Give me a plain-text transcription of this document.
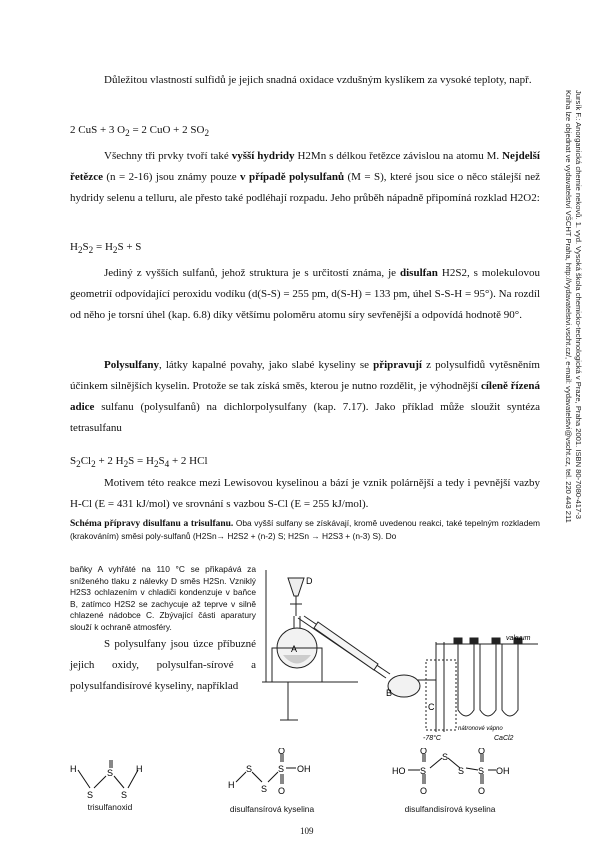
Jursík F.: Anorganická chemie nekovů. 1. vyd. Vysoká škola chemicko-technologická v Praze, Praha 2001. ISBN 80-7080-417-3
Kniha lze objednat ve vydavatelství VŠCHT Praha, http://vydavatelstvi.vscht.cz/, e-mail: vydavatelstvi@vscht.cz, tel. 220 443 211

Důležitou vlastností sulfidů je jejich snadná oxidace vzdušným kyslíkem za vysoké teploty, např.

2 CuS + 3 $O_2 = 2$ CuO + 2 $SO_2$

Všechny tři prvky tvoří také vyšší hydridy H2Mn s délkou řetězce závislou na atomu M. Nejdelší řetězce (n = 2-16) jsou známy pouze v případě polysulfanů (M = S), které jsou sice o něco stálejší než hydridy selenu a telluru, ale přesto také podléhají rozpadu. Jeho průběh nápadně připomíná rozklad H2O2:

$H_2S_2 = H_2S + S$

Jediný z vyšších sulfanů, jehož struktura je s určitostí známa, je disulfan H2S2, s molekulovou geometrií odpovídající peroxidu vodíku (d(S-S) = 255 pm, d(S-H) = 133 pm, úhel S-S-H = 95°). Na rozdíl od něho je torsní úhel (kap. 6.8) díky většímu poloměru atomu síry sevřenější a odpovídá hodnotě 90°.

Polysulfany, látky kapalné povahy, jako slabé kyseliny se připravují z polysulfidů vytěsněním účinkem silnějších kyselin. Protože se tak získá směs, kterou je nutno rozdělit, je výhodnější cíleně řízená adice sulfanu (polysulfanů) na dichlorpolysulfany (kap. 7.17). Jako příklad může sloužit syntéza tetrasulfanu

$S_2Cl_2 + 2$ $H_2S = H_2S_4 + 2$ HCl

Motivem této reakce mezi Lewisovou kyselinou a bází je vznik polárnější a tedy i pevnější vazby H-Cl (E = 431 kJ/mol) ve srovnání s vazbou S-Cl (E = 255 kJ/mol).

Schéma přípravy disulfanu a trisulfanu. Oba vyšší sulfany se získávají, kromě uvedenou reakci, také tepelným rozkladem (krakováním) směsi poly-sulfanů (H2Sn→ H2S2 + (n-2) S; H2Sn → H2S3 + (n-3) S). Do

baňky A vyhřáté na 110 °C se přikapává za sníženého tlaku z nálevky D směs H2Sn. Vzniklý H2S3 ochlazením v chladiči kondenzuje v baňce B, zatímco H2S2 se zachycuje až teprve v silně chlazené nádobce C. Zbývající části aparatury slouží k ochraně atmosféry.

S polysulfany jsou úzce příbuzné jejich oxidy, polysulfan-sírové a polysulfandisírové kyseliny, například

D
A
B
C
vakuum
-78°C
nátronové vápno
CaCl2
H
S
S
S
H
trisulfanoxid
H
S
S
S
O
O
OH
disulfansírová kyselina
HO S
O
O
S
S S
O
O
OH
disulfandisírová kyselina
109
